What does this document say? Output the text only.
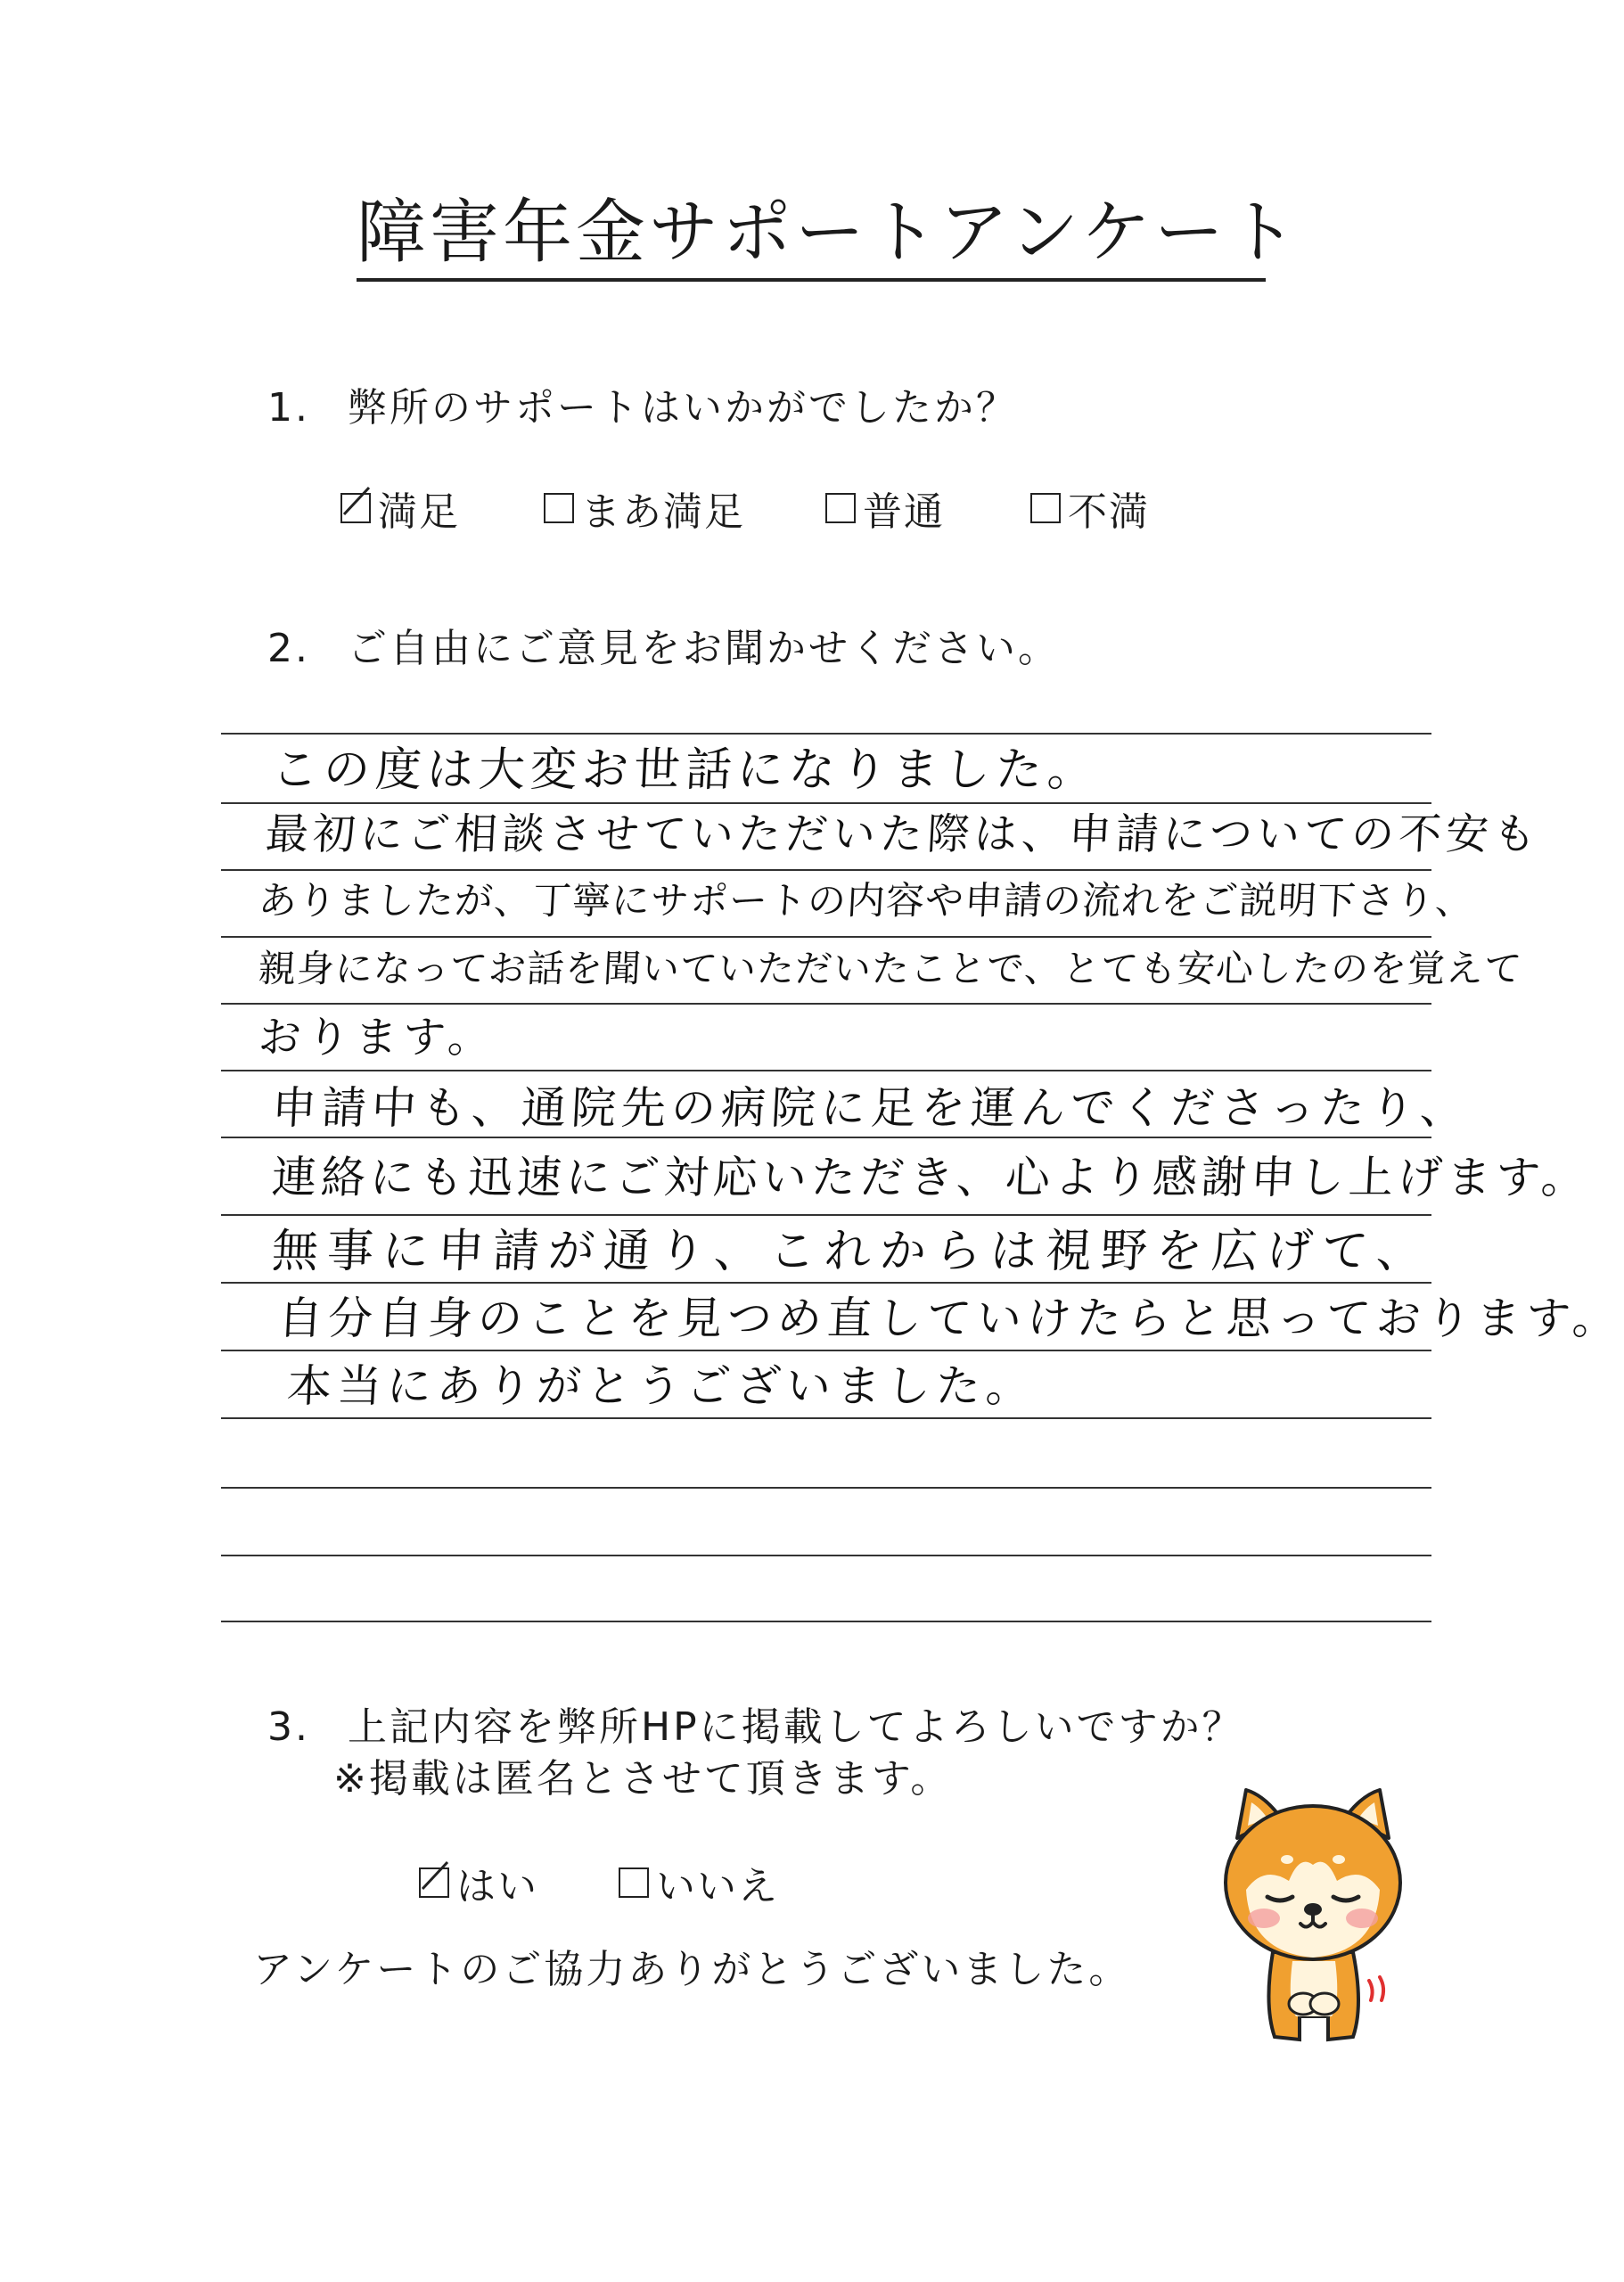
障害年金サポートアンケート
1. 弊所のサポートはいかがでしたか？
満足	まあ満足	普通	不満
2. ご自由にご意見をお聞かせください。
この度は大変お世話になりました。
最初にご相談させていただいた際は、申請についての不安も
ありましたが、丁寧にサポートの内容や申請の流れをご説明下さり、
親身になってお話を聞いていただいたことで、とても安心したのを覚えて
おります。
申請中も、通院先の病院に足を運んでくださったり、
連絡にも迅速にご対応いただき、心より感謝申し上げます。
無事に申請が通り、これからは視野を広げて、
自分自身のことを見つめ直していけたらと思っております。
本当にありがとうございました。
3. 上記内容を弊所HPに掲載してよろしいですか？
※掲載は匿名とさせて頂きます。
はい	いいえ
アンケートのご協力ありがとうございました。
